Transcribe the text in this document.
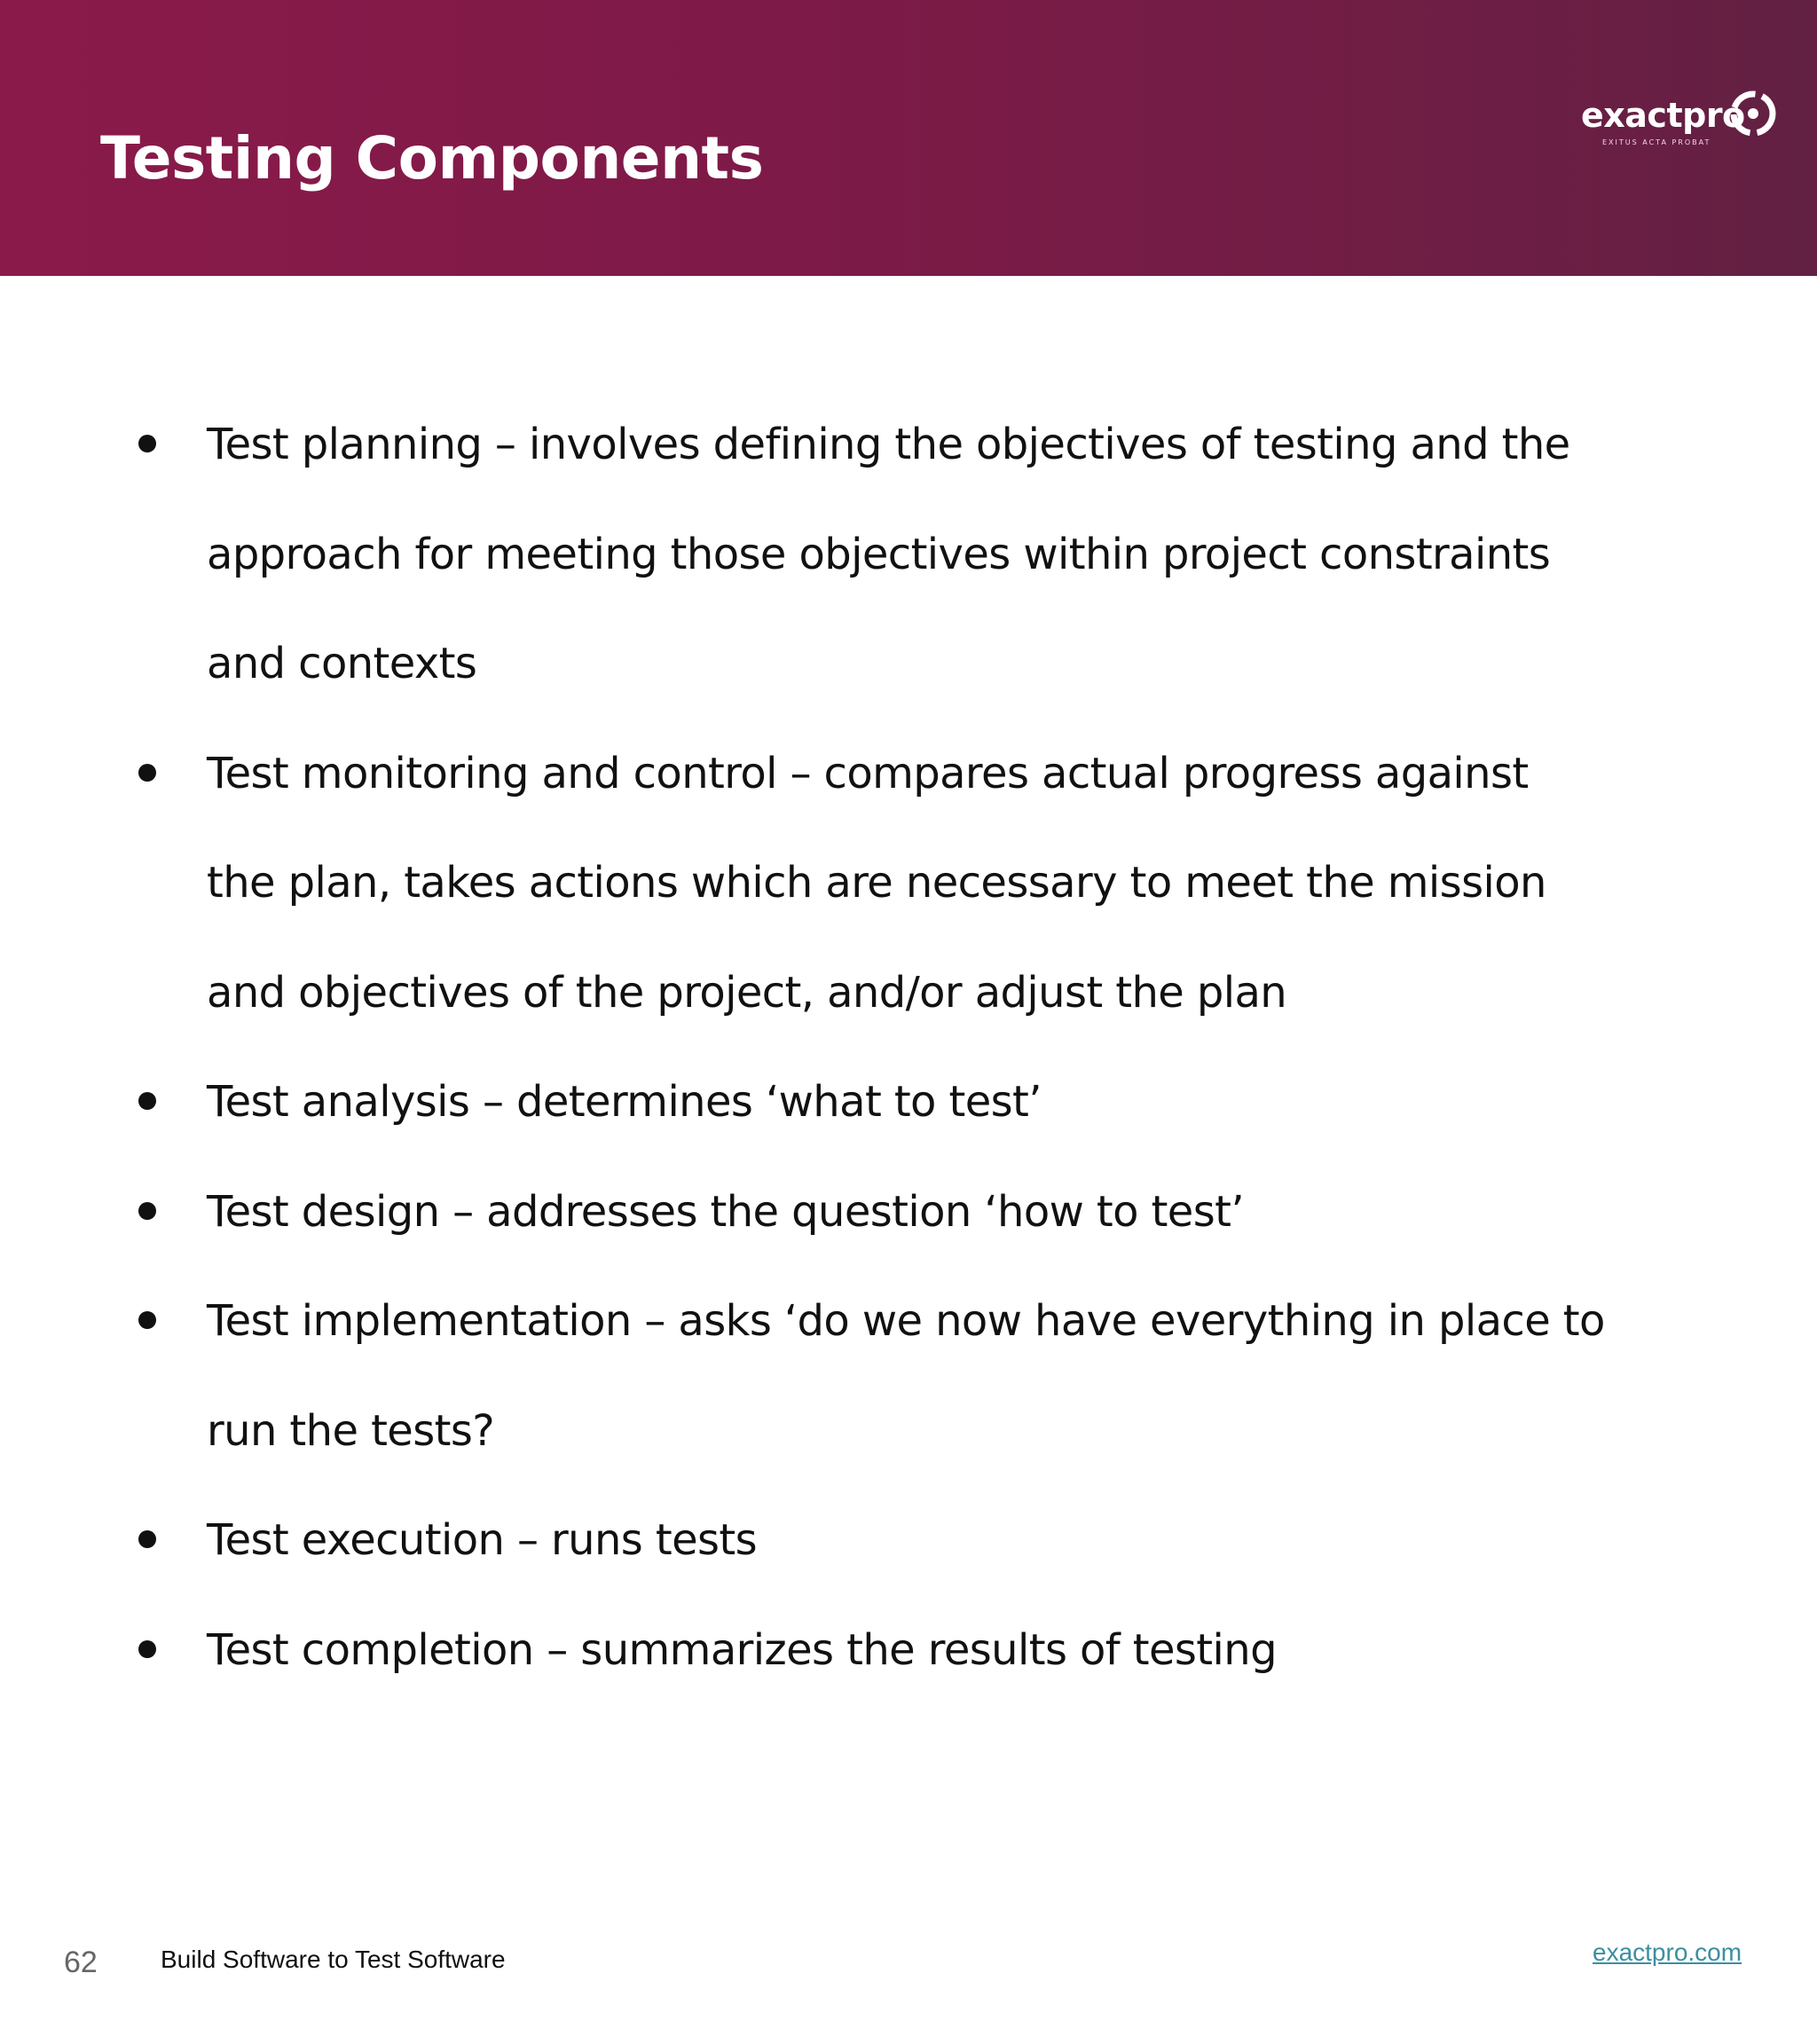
Testing Components
exactpro
EXITUS ACTA PROBAT
Test planning – involves defining the objectives of testing and the approach for meeting those objectives within project constraints and contexts
Test monitoring and control – compares actual progress against the plan, takes actions which are necessary to meet the mission and objectives of the project, and/or adjust the plan
Test analysis – determines ‘what to test’
Test design – addresses the question ‘how to test’
Test implementation – asks ‘do we now have everything in place to run the tests?
Test execution – runs tests
Test completion – summarizes the results of testing
62	Build Software to Test Software	exactpro.com
